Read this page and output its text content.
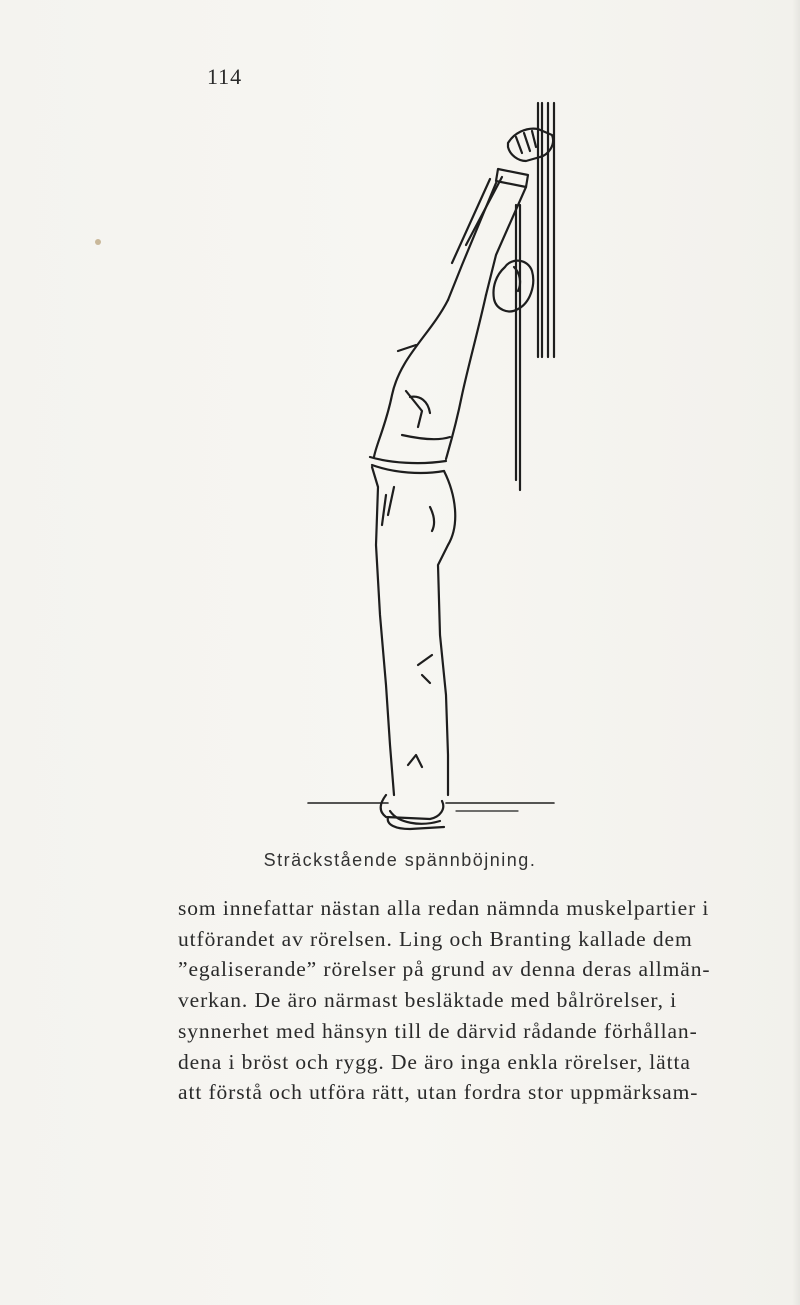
114
Sträckstående spännböjning.
som innefattar nästan alla redan nämnda muskelpartier i
utförandet av rörelsen. Ling och Branting kallade dem
”egaliserande” rörelser på grund av denna deras allmän-
verkan. De äro närmast besläktade med bålrörelser, i
synnerhet med hänsyn till de därvid rådande förhållan-
dena i bröst och rygg. De äro inga enkla rörelser, lätta
att förstå och utföra rätt, utan fordra stor uppmärksam-
